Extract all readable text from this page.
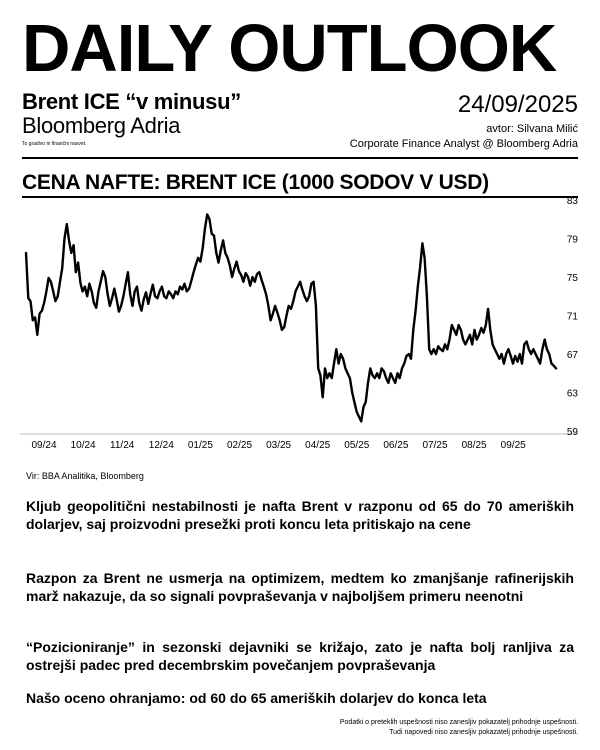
DAILY OUTLOOK
Brent ICE “v minusu”
Bloomberg Adria
To gradivo ni finančni nasvet.
24/09/2025
avtor: Silvana Milić
Corporate Finance Analyst @ Bloomberg Adria
CENA NAFTE: BRENT ICE (1000 SODOV V USD)
83
79
75
71
67
63
59
09/24 10/24 11/24 12/24 01/25 02/25 03/25 04/25 05/25 06/25 07/25 08/25 09/25
Vir: BBA Analitika, Bloomberg
Kljub geopolitični nestabilnosti je nafta Brent v razponu od 65 do 70 ameriških dolarjev, saj proizvodni presežki proti koncu leta pritiskajo na cene
Razpon za Brent ne usmerja na optimizem, medtem ko zmanjšanje rafinerijskih marž nakazuje, da so signali povpraševanja v najboljšem primeru neenotni
“Pozicioniranje” in sezonski dejavniki se križajo, zato je nafta bolj ranljiva za ostrejši padec pred decembrskim povečanjem povpraševanja
Našo oceno ohranjamo: od 60 do 65 ameriških dolarjev do konca leta
Podatki o preteklih uspešnosti niso zanesljiv pokazatelj prihodnje uspešnosti.
Tudi napovedi niso zanesljiv pokazatelj prihodnje uspešnosti.
